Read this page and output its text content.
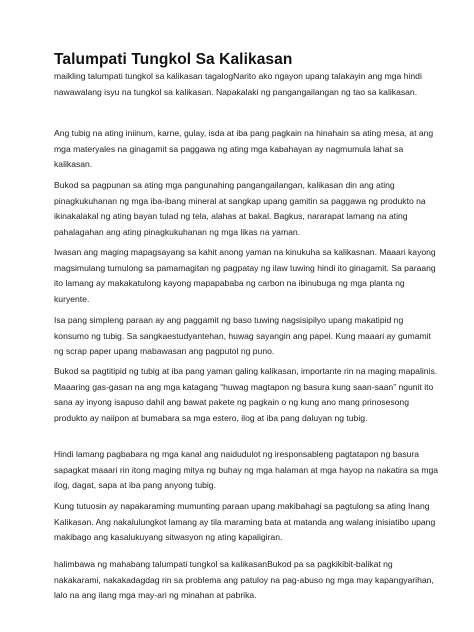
Talumpati Tungkol Sa Kalikasan

maikling talumpati tungkol sa kalikasan tagalogNarito ako ngayon upang talakayin ang mga hindi nawawalang isyu na tungkol sa kalikasan. Napakalaki ng pangangailangan ng tao sa kalikasan.

Ang tubig na ating iniinum, karne, gulay, isda at iba pang pagkain na hinahain sa ating mesa, at ang mga materyales na ginagamit sa paggawa ng ating mga kabahayan ay nagmumula lahat sa kalikasan.

Bukod sa pagpunan sa ating mga pangunahing pangangailangan, kalikasan din ang ating pinagkukuhanan ng mga iba-ibang mineral at sangkap upang gamitin sa paggawa ng produkto na ikinakalakal ng ating bayan tulad ng tela, alahas at bakal. Bagkus, nararapat lamang na ating pahalagahan ang ating pinagkukuhanan ng mga likas na yaman.

Iwasan ang maging mapagsayang sa kahit anong yaman na kinukuha sa kalikasnan. Maaari kayong magsimulang tumulong sa pamamagitan ng pagpatay ng ilaw tuwing hindi ito ginagamit. Sa paraang ito lamang ay makakatulong kayong mapapababa ng carbon na ibinubuga ng mga planta ng kuryente.

Isa pang simpleng paraan ay ang paggamit ng baso tuwing nagsisipilyo upang makatipid ng konsumo ng tubig. Sa sangkaestudyantehan, huwag sayangin ang papel. Kung maaari ay gumamit ng scrap paper upang mabawasan ang pagputol ng puno.

Bukod sa pagtitipid ng tubig at iba pang yaman galing kalikasan, importante rin na maging mapalinis. Maaaring gas-gasan na ang mga katagang “huwag magtapon ng basura kung saan-saan” ngunit ito sana ay inyong isapuso dahil ang bawat pakete ng pagkain o ng kung ano mang prinosesong produkto ay naiipon at bumabara sa mga estero, ilog at iba pang daluyan ng tubig.

Hindi lamang pagbabara ng mga kanal ang naidudulot ng iresponsableng pagtatapon ng basura sapagkat maaari rin itong maging mitya ng buhay ng mga halaman at mga hayop na nakatira sa mga ilog, dagat, sapa at iba pang anyong tubig.

Kung tutuosin ay napakaraming mumunting paraan upang makibahagi sa pagtulong sa ating Inang Kalikasan. Ang nakalulungkot lamang ay tila maraming bata at matanda ang walang inisiatibo upang makibago ang kasalukuyang sitwasyon ng ating kapaligiran.

halimbawa ng mahabang talumpati tungkol sa kalikasanBukod pa sa pagkikibit-balikat ng nakakarami, nakakadagdag rin sa problema ang patuloy na pag-abuso ng mga may kapangyarihan, lalo na ang ilang mga may-ari ng minahan at pabrika.
